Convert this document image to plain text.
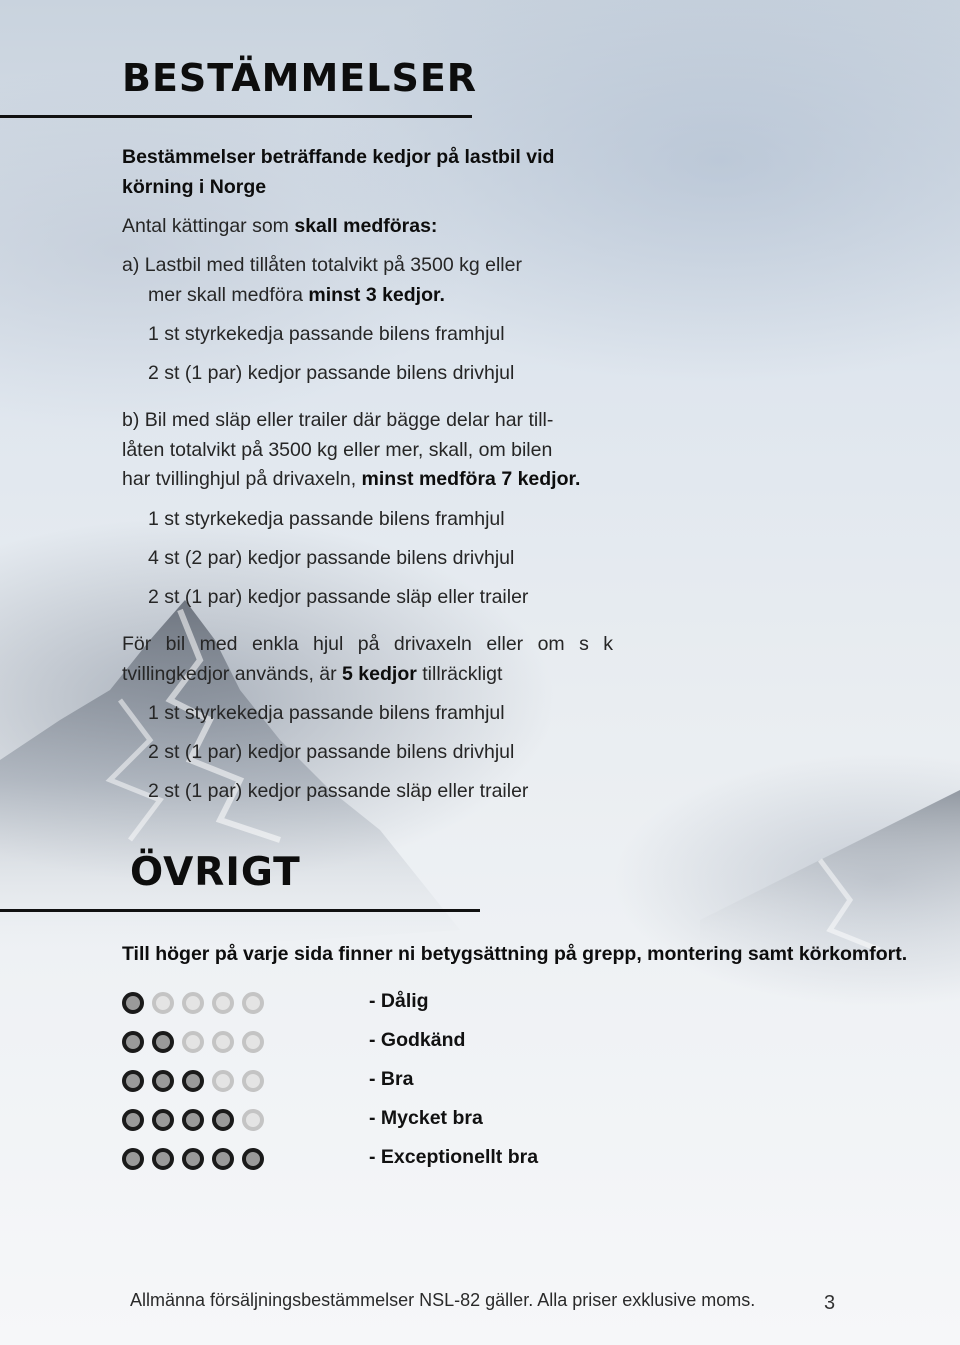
BESTÄMMELSER

Bestämmelser beträffande kedjor på lastbil vid
körning i Norge

Antal kättingar som skall medföras:

a) Lastbil med tillåten totalvikt på 3500 kg eller

mer skall medföra minst 3 kedjor.

1 st styrkekedja passande bilens framhjul

2 st (1 par) kedjor passande bilens drivhjul

b) Bil med släp eller trailer där bägge delar har till-

låten totalvikt på 3500 kg eller mer, skall, om bilen

har tvillinghjul på drivaxeln, minst medföra 7 kedjor.

1 st styrkekedja passande bilens framhjul

4 st (2 par) kedjor passande bilens drivhjul

2 st (1 par) kedjor passande släp eller trailer

För bil med enkla hjul på drivaxeln eller om s k

tvillingkedjor används, är 5 kedjor tillräckligt

1 st styrkekedja passande bilens framhjul

2 st (1 par) kedjor passande bilens drivhjul

2 st (1 par) kedjor passande släp eller trailer

ÖVRIGT

Till höger på varje sida finner ni betygsättning på grepp, montering samt körkomfort.

- Dålig
- Godkänd
- Bra
- Mycket bra
- Exceptionellt bra

Allmänna försäljningsbestämmelser NSL-82 gäller. Alla priser exklusive moms.	3
